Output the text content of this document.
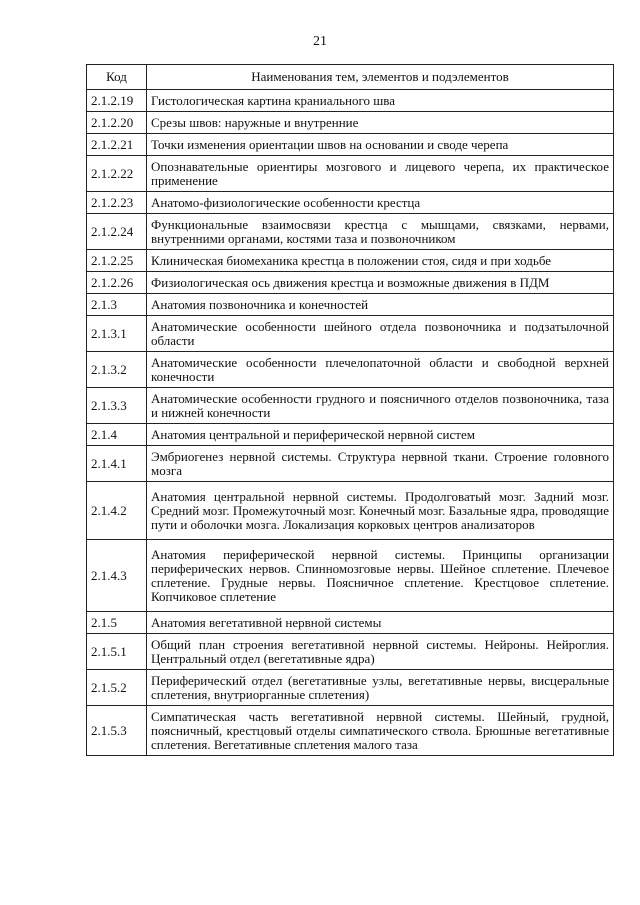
21
Код	Наименования тем, элементов и подэлементов
2.1.2.19	Гистологическая картина краниального шва
2.1.2.20	Срезы швов: наружные и внутренние
2.1.2.21	Точки изменения ориентации швов на основании и своде черепа
2.1.2.22	Опознавательные ориентиры мозгового и лицевого черепа, их практическое применение
2.1.2.23	Анатомо-физиологические особенности крестца
2.1.2.24	Функциональные взаимосвязи крестца с мышцами, связками, нервами, внутренними органами, костями таза и позвоночником
2.1.2.25	Клиническая биомеханика крестца в положении стоя, сидя и при ходьбе
2.1.2.26	Физиологическая ось движения крестца и возможные движения в ПДМ
2.1.3	Анатомия позвоночника и конечностей
2.1.3.1	Анатомические особенности шейного отдела позвоночника и подзатылочной области
2.1.3.2	Анатомические особенности плечелопаточной области и свободной верхней конечности
2.1.3.3	Анатомические особенности грудного и поясничного отделов позвоночника, таза и нижней конечности
2.1.4	Анатомия центральной и периферической нервной систем
2.1.4.1	Эмбриогенез нервной системы. Структура нервной ткани. Строение головного мозга
2.1.4.2	Анатомия центральной нервной системы. Продолговатый мозг. Задний мозг. Средний мозг. Промежуточный мозг. Конечный мозг. Базальные ядра, проводящие пути и оболочки мозга. Локализация корковых центров анализаторов
2.1.4.3	Анатомия периферической нервной системы. Принципы организации периферических нервов. Спинномозговые нервы. Шейное сплетение. Плечевое сплетение. Грудные нервы. Поясничное сплетение. Крестцовое сплетение. Копчиковое сплетение
2.1.5	Анатомия вегетативной нервной системы
2.1.5.1	Общий план строения вегетативной нервной системы. Нейроны. Нейроглия. Центральный отдел (вегетативные ядра)
2.1.5.2	Периферический отдел (вегетативные узлы, вегетативные нервы, висцеральные сплетения, внутриорганные сплетения)
2.1.5.3	Симпатическая часть вегетативной нервной системы. Шейный, грудной, поясничный, крестцовый отделы симпатического ствола. Брюшные вегетативные сплетения. Вегетативные сплетения малого таза
